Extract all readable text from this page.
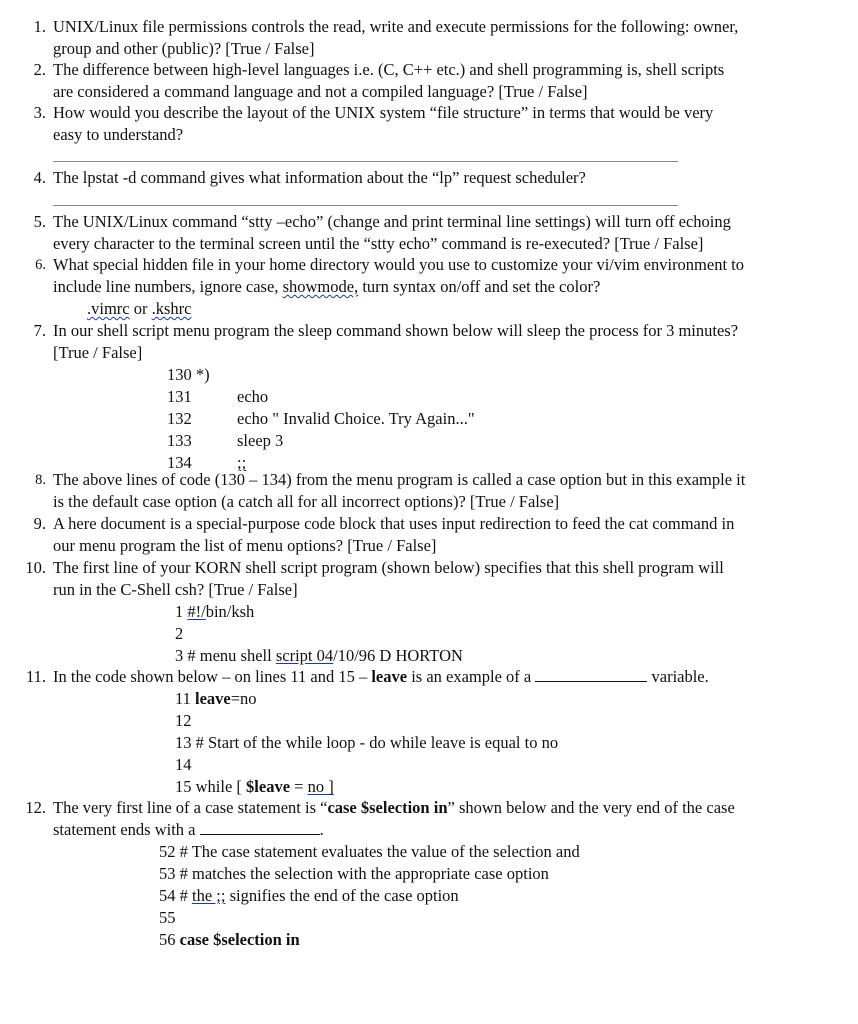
1. UNIX/Linux file permissions controls the read, write and execute permissions for the following: owner,
group and other (public)? [True / False]
2. The difference between high-level languages i.e. (C, C++ etc.) and shell programming is, shell scripts
are considered a command language and not a compiled language? [True / False]
3. How would you describe the layout of the UNIX system “file structure” in terms that would be very
easy to understand?
4. The lpstat -d command gives what information about the “lp” request scheduler?
5. The UNIX/Linux command “stty –echo” (change and print terminal line settings) will turn off echoing
every character to the terminal screen until the “stty echo” command is re-executed? [True / False]
6. What special hidden file in your home directory would you use to customize your vi/vim environment to
include line numbers, ignore case, showmode, turn syntax on/off and set the color?
.vimrc or .kshrc
7. In our shell script menu program the sleep command shown below will sleep the process for 3 minutes?
[True / False]
130 *)
131	echo
132	echo " Invalid Choice. Try Again..."
133	sleep 3
134	;;
8. The above lines of code (130 – 134) from the menu program is called a case option but in this example it
is the default case option (a catch all for all incorrect options)? [True / False]
9. A here document is a special-purpose code block that uses input redirection to feed the cat command in
our menu program the list of menu options? [True / False]
10. The first line of your KORN shell script program (shown below) specifies that this shell program will
run in the C-Shell csh? [True / False]
1 #!/bin/ksh
2
3 # menu shell script 04/10/96 D HORTON
11. In the code shown below – on lines 11 and 15 – leave is an example of a	variable.
11 leave=no
12
13 # Start of the while loop - do while leave is equal to no
14
15 while [ $leave = no ]
12. The very first line of a case statement is “case $selection in” shown below and the very end of the case
statement ends with a	.
52 # The case statement evaluates the value of the selection and
53 # matches the selection with the appropriate case option
54 # the ;; signifies the end of the case option
55
56 case $selection in
